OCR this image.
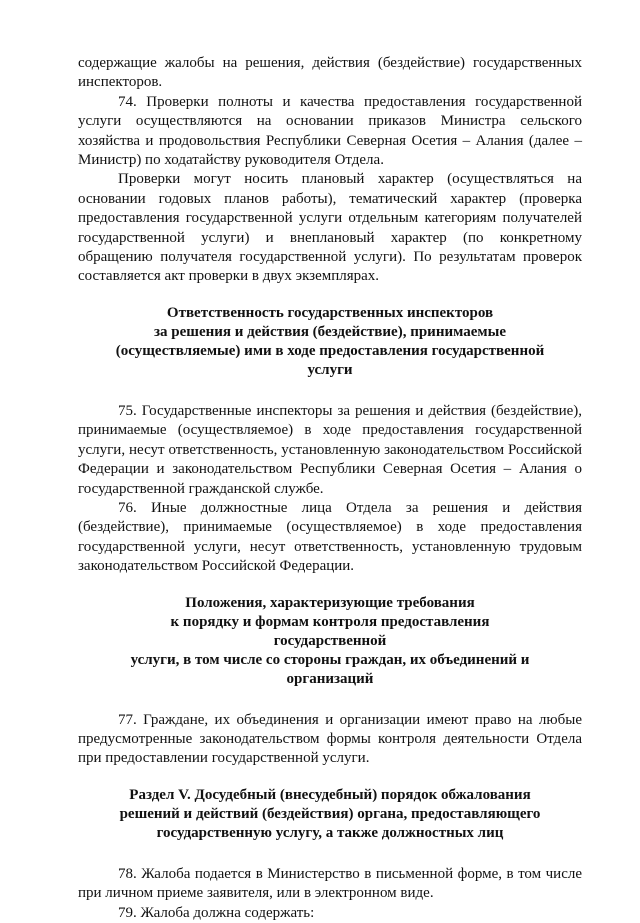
содержащие жалобы на решения, действия (бездействие) государственных инспекторов.

74. Проверки полноты и качества предоставления государственной услуги осуществляются на основании приказов Министра сельского хозяйства и продовольствия Республики Северная Осетия – Алания (далее – Министр) по ходатайству руководителя Отдела.

Проверки могут носить плановый характер (осуществляться на основании годовых планов работы), тематический характер (проверка предоставления государственной услуги отдельным категориям получателей государственной услуги) и внеплановый характер (по конкретному обращению получателя государственной услуги). По результатам проверок составляется акт проверки в двух экземплярах.

Ответственность государственных инспекторов
за решения и действия (бездействие), принимаемые
(осуществляемые) ими в ходе предоставления государственной
услуги

75. Государственные инспекторы за решения и действия (бездействие), принимаемые (осуществляемое) в ходе предоставления государственной услуги, несут ответственность, установленную законодательством Российской Федерации и законодательством Республики Северная Осетия – Алания о государственной гражданской службе.

76. Иные должностные лица Отдела за решения и действия (бездействие), принимаемые (осуществляемое) в ходе предоставления государственной услуги, несут ответственность, установленную трудовым законодательством Российской Федерации.

Положения, характеризующие требования
к порядку и формам контроля предоставления
государственной
услуги, в том числе со стороны граждан, их объединений и
организаций

77. Граждане, их объединения и организации имеют право на любые предусмотренные законодательством формы контроля деятельности Отдела при предоставлении государственной услуги.

Раздел V. Досудебный (внесудебный) порядок обжалования
решений и действий (бездействия) органа, предоставляющего
государственную услугу, а также должностных лиц

78. Жалоба подается в Министерство в письменной форме, в том числе при личном приеме заявителя, или в электронном виде.

79. Жалоба должна содержать:
